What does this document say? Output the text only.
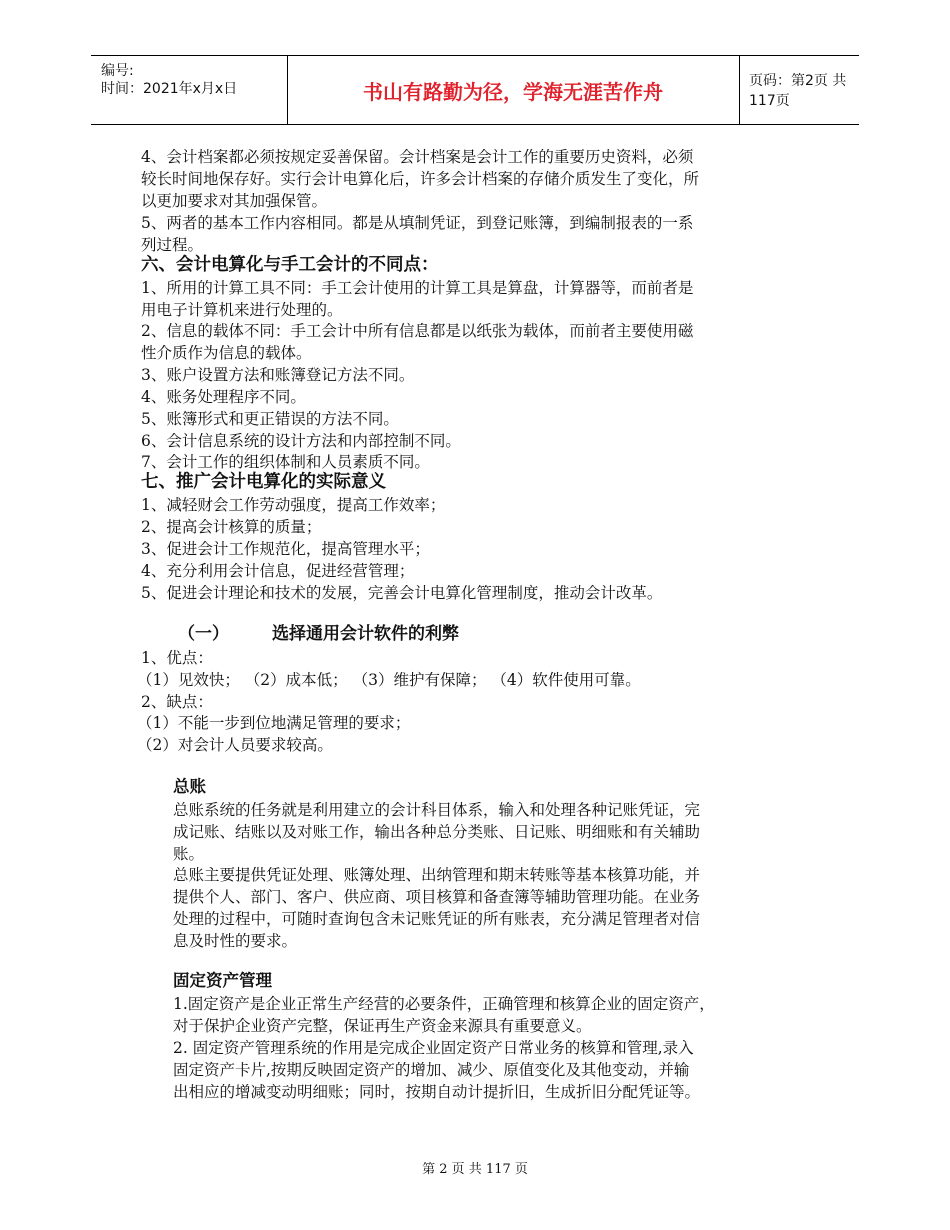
编号:
时间：2021年x月x日	书山有路勤为径，学海无涯苦作舟	页码：第2页 共117页

4、会计档案都必须按规定妥善保留。会计档案是会计工作的重要历史资料，必须

较长时间地保存好。实行会计电算化后，许多会计档案的存储介质发生了变化，所

以更加要求对其加强保管。

5、两者的基本工作内容相同。都是从填制凭证，到登记账簿，到编制报表的一系

列过程。

六、会计电算化与手工会计的不同点：

1、所用的计算工具不同：手工会计使用的计算工具是算盘，计算器等，而前者是

用电子计算机来进行处理的。

2、信息的载体不同：手工会计中所有信息都是以纸张为载体，而前者主要使用磁

性介质作为信息的载体。

3、账户设置方法和账簿登记方法不同。

4、账务处理程序不同。

5、账簿形式和更正错误的方法不同。

6、会计信息系统的设计方法和内部控制不同。

7、会计工作的组织体制和人员素质不同。

七、推广会计电算化的实际意义

1、减轻财会工作劳动强度，提高工作效率；

2、提高会计核算的质量；

3、促进会计工作规范化，提高管理水平；

4、充分利用会计信息，促进经营管理；

5、促进会计理论和技术的发展，完善会计电算化管理制度，推动会计改革。

（一）	选择通用会计软件的利弊

1、优点：

（1）见效快； （2）成本低； （3）维护有保障； （4）软件使用可靠。

2、缺点：

（1）不能一步到位地满足管理的要求；

（2）对会计人员要求较高。

总账

总账系统的任务就是利用建立的会计科目体系，输入和处理各种记账凭证，完

成记账、结账以及对账工作，输出各种总分类账、日记账、明细账和有关辅助

账。

总账主要提供凭证处理、账簿处理、出纳管理和期末转账等基本核算功能，并

提供个人、部门、客户、供应商、项目核算和备查簿等辅助管理功能。在业务

处理的过程中，可随时查询包含未记账凭证的所有账表，充分满足管理者对信

息及时性的要求。

固定资产管理

1.固定资产是企业正常生产经营的必要条件，正确管理和核算企业的固定资产，

对于保护企业资产完整，保证再生产资金来源具有重要意义。

2. 固定资产管理系统的作用是完成企业固定资产日常业务的核算和管理,录入

固定资产卡片,按期反映固定资产的增加、减少、原值变化及其他变动，并输

出相应的增减变动明细账；同时，按期自动计提折旧，生成折旧分配凭证等。

第 2 页 共 117 页
